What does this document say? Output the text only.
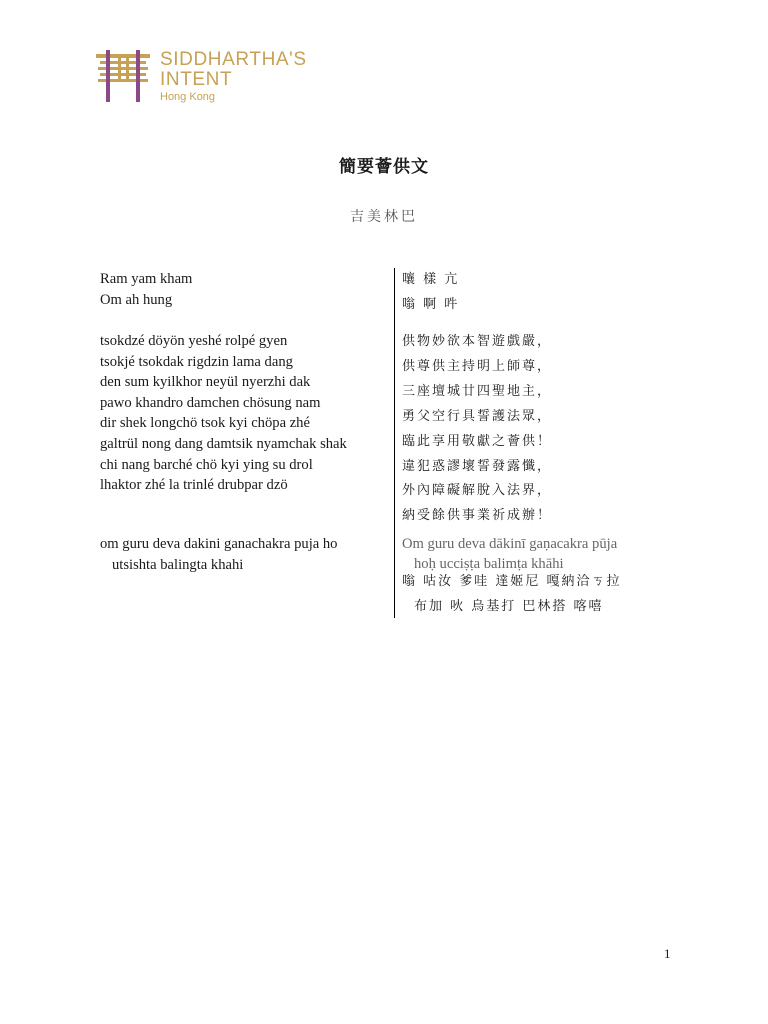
SIDDHARTHA'S
INTENT
Hong Kong
簡要薈供文
吉美林巴
Ram yam kham
Om ah hung
嚷 樣 亢
嗡 啊 吽
tsokdzé döyön yeshé rolpé gyen
tsokjé tsokdak rigdzin lama dang
den sum kyilkhor neyül nyerzhi dak
pawo khandro damchen chösung nam
dir shek longchö tsok kyi chöpa zhé
galtrül nong dang damtsik nyamchak shak
chi nang barché chö kyi ying su drol
lhaktor zhé la trinlé drubpar dzö
供物妙欲本智遊戲嚴，
供尊供主持明上師尊，
三座壇城廿四聖地主，
勇父空行具誓護法眾，
臨此享用敬獻之薈供！
違犯惑謬壞誓發露懺，
外內障礙解脫入法界，
納受餘供事業祈成辦！
om guru deva dakini ganachakra puja ho
utsishta balingta khahi
Om guru deva dākinī gaṇacakra pūja
hoḥ ucciṣṭa balimṭa khāhi
嗡 咕汝 爹哇 達姬尼 嘎納洽ㄎ拉
布加 吙 烏基打 巴林搭 喀嘻
1
